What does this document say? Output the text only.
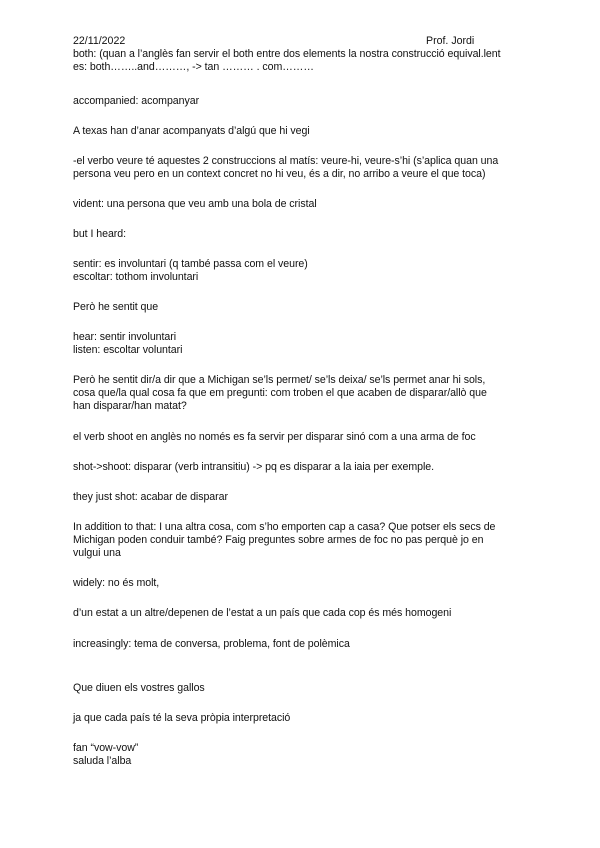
22/11/2022	Prof. Jordi
both: (quan a l’anglès fan servir el both entre dos elements la nostra construcció equival.lent
es: both……..and………, -> tan ……… . com………
accompanied: acompanyar
A texas han d’anar acompanyats d’algú que hi vegi
-el verbo veure té aquestes 2 construccions al matís: veure-hi, veure-s’hi (s’aplica quan una
persona veu pero en un context concret no hi veu, és a dir, no arribo a veure el que toca)
vident: una persona que veu amb una bola de cristal
but I heard:
sentir: es involuntari (q també passa com el veure)
escoltar: tothom involuntari
Però he sentit que
hear: sentir involuntari
listen: escoltar voluntari
Però he sentit dir/a dir que a Michigan se’ls permet/ se’ls deixa/ se’ls permet anar hi sols,
cosa que/la qual cosa fa que em pregunti: com troben el que acaben de disparar/allò que
han disparar/han matat?
el verb shoot en anglès no només es fa servir per disparar sinó com a una arma de foc
shot->shoot: disparar (verb intransitiu) -> pq es disparar a la iaia per exemple.
they just shot: acabar de disparar
In addition to that: I una altra cosa, com s’ho emporten cap a casa? Que potser els secs de
Michigan poden conduir també? Faig preguntes sobre armes de foc no pas perquè jo en
vulgui una
widely: no és molt,
d’un estat a un altre/depenen de l’estat a un país que cada cop és més homogeni
increasingly: tema de conversa, problema, font de polèmica
Que diuen els vostres gallos
ja que cada país té la seva pròpia interpretació
fan “vow-vow”
saluda l’alba
